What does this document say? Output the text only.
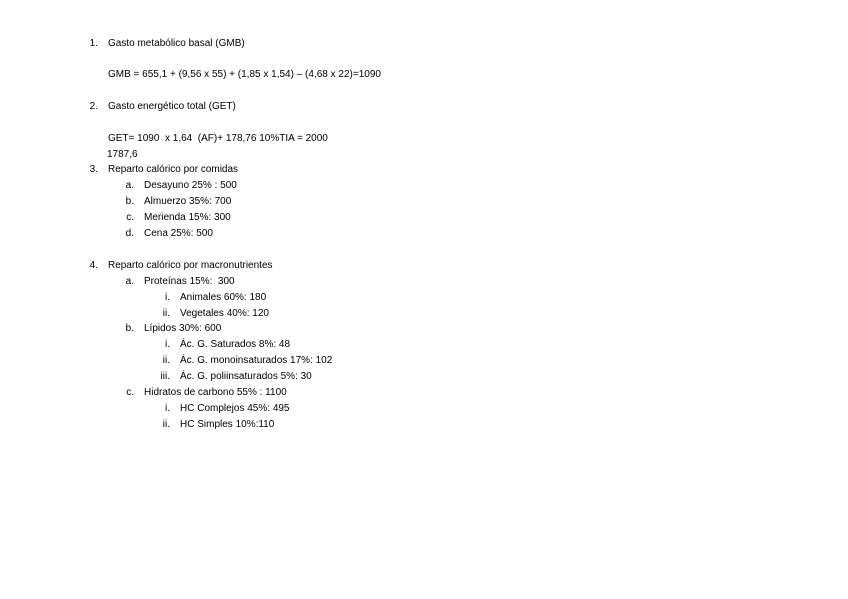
1. Gasto metabólico basal (GMB)
GMB = 655,1 + (9,56 x 55) + (1,85 x 1,54) – (4,68 x 22)=1090
2. Gasto energético total (GET)
GET= 1090  x 1,64  (AF)+ 178,76 10%TIA = 2000
1787,6
3. Reparto calórico por comidas
a. Desayuno 25% : 500
b. Almuerzo 35%: 700
c. Merienda 15%: 300
d. Cena 25%: 500
4. Reparto calórico por macronutrientes
a. Proteínas 15%:  300
i. Animales 60%: 180
ii. Vegetales 40%: 120
b. Lípidos 30%: 600
i. Ác. G. Saturados 8%: 48
ii. Ác. G. monoinsaturados 17%: 102
iii. Ác. G. poliinsaturados 5%: 30
c. Hidratos de carbono 55% : 1100
i. HC Complejos 45%: 495
ii. HC Simples 10%:110
